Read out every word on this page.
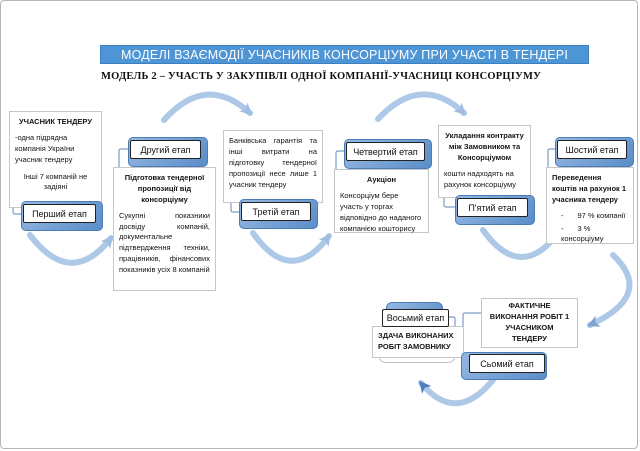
МОДЕЛІ ВЗАЄМОДІЇ УЧАСНИКІВ КОНСОРЦІУМУ ПРИ УЧАСТІ В ТЕНДЕРІ
МОДЕЛЬ 2 – УЧАСТЬ У ЗАКУПІВЛІ ОДНОЇ КОМПАНІЇ-УЧАСНИЦІ КОНСОРЦІУМУ
УЧАСНИК ТЕНДЕРУ
-одна підрядна компанія України учасник тендеру
Інші 7 компаній не задіяні
Перший етап
Другий етап
Підготовка тендерної пропозиції від консорціуму
Сукупні показники досвіду компаній, документальне підтвердження техніки, працівників, фінансових показників усіх 8 компаній
Банківська гарантія та інші витрати на підготовку тендерної пропозиції несе лише 1 учасник тендеру
Третій етап
Четвертий етап
Аукціон
Консорціум бере участь у торгах відповідно до наданого компанією кошторису
Укладання контракту між Замовником та Консорціумом
кошти надходять на рахунок консорціуму
П'ятий етап
Шостий етап
Переведення коштів на рахунок 1 учасника тендеру
- 97 % компанії
- 3 % консорціуму
ФАКТИЧНЕ ВИКОНАННЯ РОБІТ 1 УЧАСНИКОМ ТЕНДЕРУ
Сьомий етап
Восьмий етап
ЗДАЧА ВИКОНАНИХ РОБІТ ЗАМОВНИКУ
